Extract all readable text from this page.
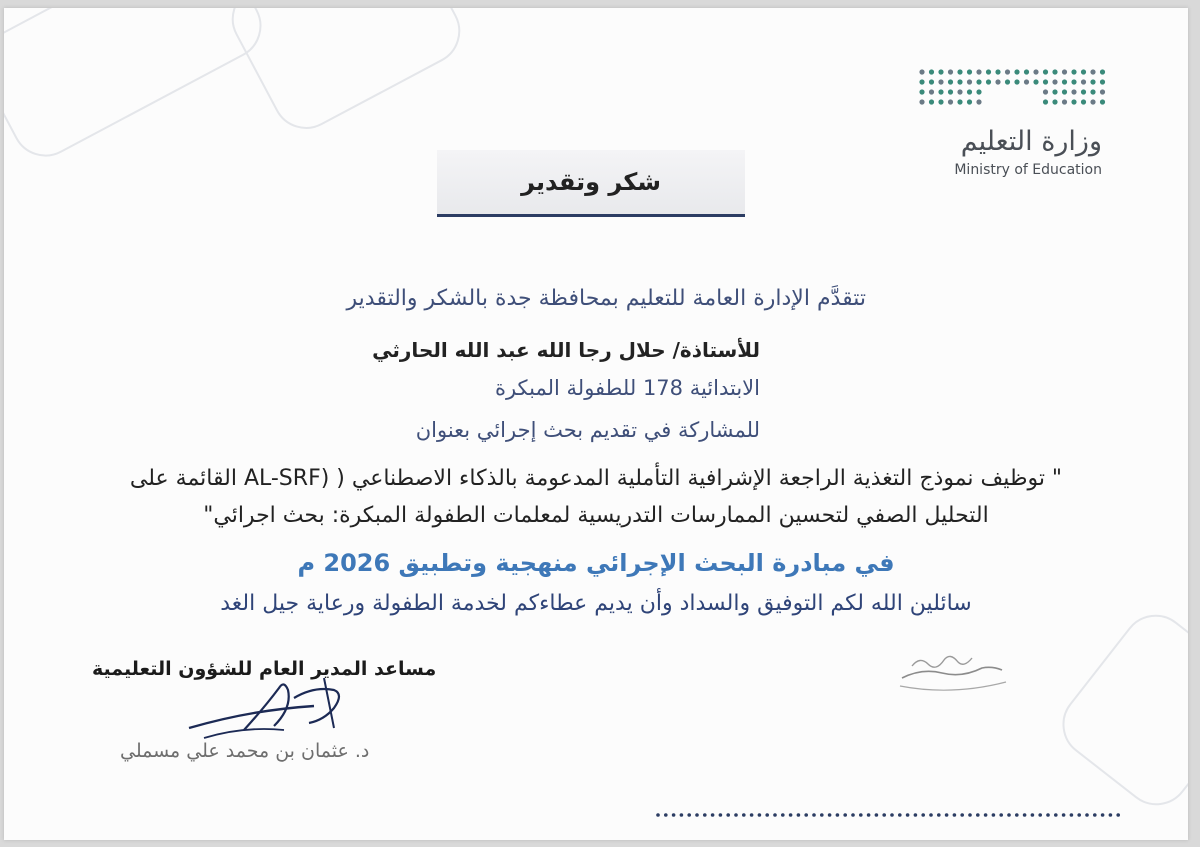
وزارة التعليم
Ministry of Education
شكر وتقدير
تتقدَّم الإدارة العامة للتعليم بمحافظة جدة بالشكر والتقدير
للأستاذة/ حلال رجا الله عبد الله الحارثي
الابتدائية 178 للطفولة المبكرة
للمشاركة في تقديم بحث إجرائي بعنوان
" توظيف نموذج التغذية الراجعة الإشرافية التأملية المدعومة بالذكاء الاصطناعي ( (AL-SRF القائمة على
التحليل الصفي لتحسين الممارسات التدريسية لمعلمات الطفولة المبكرة: بحث اجرائي"
في مبادرة البحث الإجرائي منهجية وتطبيق 2026 م
سائلين الله لكم التوفيق والسداد وأن يديم عطاءكم لخدمة الطفولة ورعاية جيل الغد
مساعد المدير العام للشؤون التعليمية
د. عثمان بن محمد علي مسملي
